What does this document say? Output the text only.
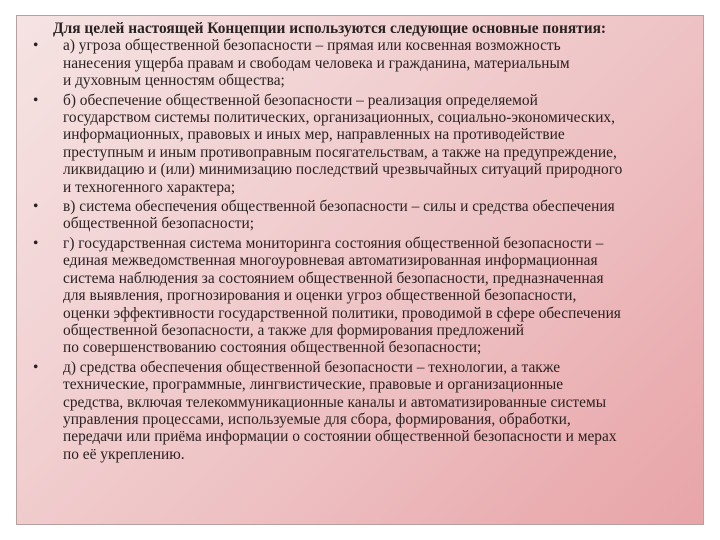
Для целей настоящей Концепции используются следующие основные понятия:

• а) угроза общественной безопасности – прямая или косвенная возможность
нанесения ущерба правам и свободам человека и гражданина, материальным
и духовным ценностям общества;
• б) обеспечение общественной безопасности – реализация определяемой
государством системы политических, организационных, социально-экономических,
информационных, правовых и иных мер, направленных на противодействие
преступным и иным противоправным посягательствам, а также на предупреждение,
ликвидацию и (или) минимизацию последствий чрезвычайных ситуаций природного
и техногенного характера;
• в) система обеспечения общественной безопасности – силы и средства обеспечения
общественной безопасности;
• г) государственная система мониторинга состояния общественной безопасности –
единая межведомственная многоуровневая автоматизированная информационная
система наблюдения за состоянием общественной безопасности, предназначенная
для выявления, прогнозирования и оценки угроз общественной безопасности,
оценки эффективности государственной политики, проводимой в сфере обеспечения
общественной безопасности, а также для формирования предложений
по совершенствованию состояния общественной безопасности;
• д) средства обеспечения общественной безопасности – технологии, а также
технические, программные, лингвистические, правовые и организационные
средства, включая телекоммуникационные каналы и автоматизированные системы
управления процессами, используемые для сбора, формирования, обработки,
передачи или приёма информации о состоянии общественной безопасности и мерах
по её укреплению.
